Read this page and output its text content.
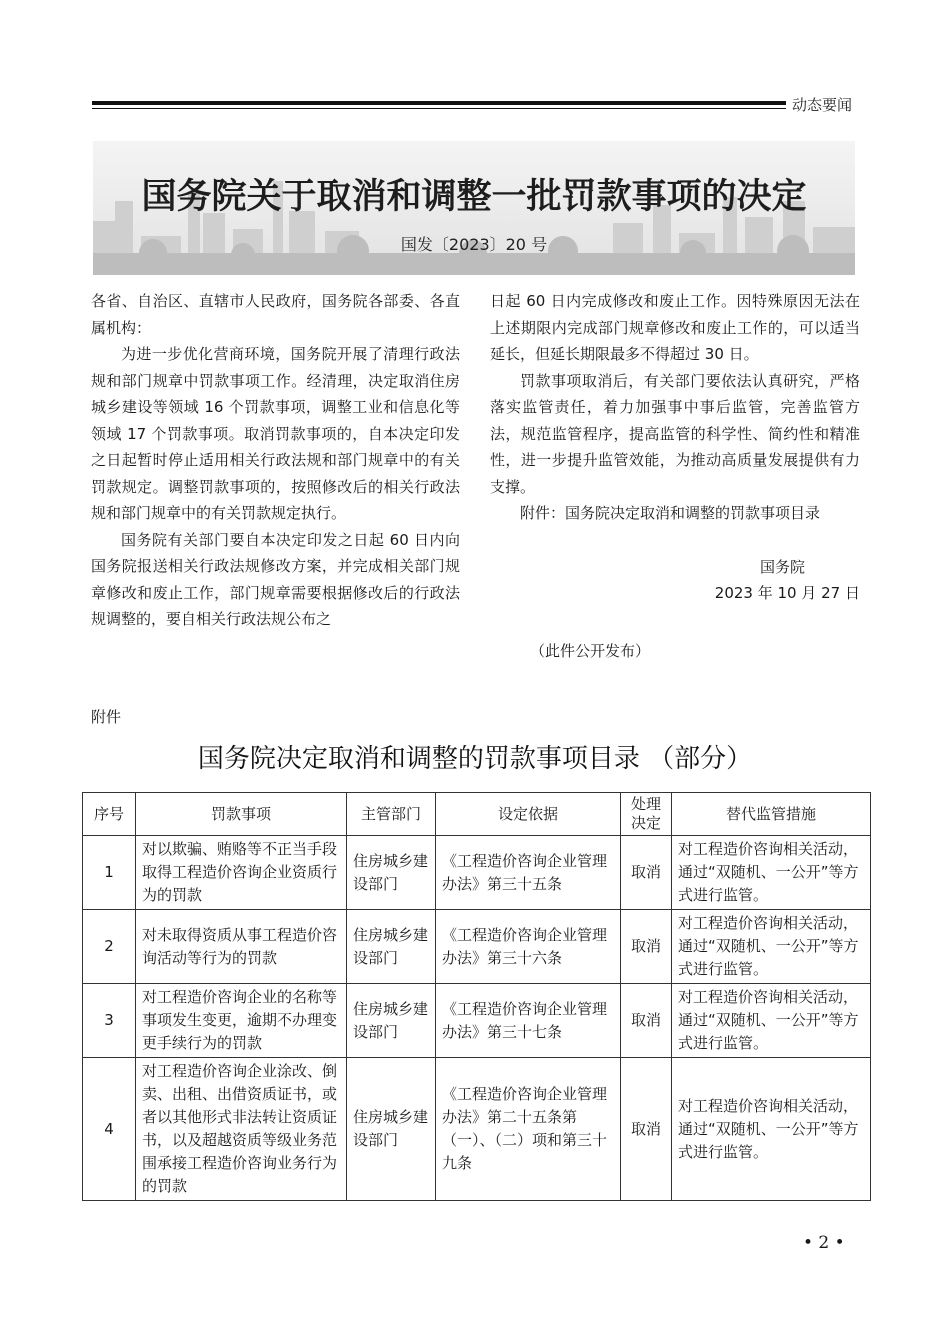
动态要闻
国务院关于取消和调整一批罚款事项的决定
国发〔2023〕20 号

各省、自治区、直辖市人民政府，国务院各部委、各直属机构：

为进一步优化营商环境，国务院开展了清理行政法规和部门规章中罚款事项工作。经清理，决定取消住房城乡建设等领域 16 个罚款事项，调整工业和信息化等领域 17 个罚款事项。取消罚款事项的，自本决定印发之日起暂时停止适用相关行政法规和部门规章中的有关罚款规定。调整罚款事项的，按照修改后的相关行政法规和部门规章中的有关罚款规定执行。

国务院有关部门要自本决定印发之日起 60 日内向国务院报送相关行政法规修改方案，并完成相关部门规章修改和废止工作，部门规章需要根据修改后的行政法规调整的，要自相关行政法规公布之

日起 60 日内完成修改和废止工作。因特殊原因无法在上述期限内完成部门规章修改和废止工作的，可以适当延长，但延长期限最多不得超过 30 日。

罚款事项取消后，有关部门要依法认真研究，严格落实监管责任，着力加强事中事后监管，完善监管方法，规范监管程序，提高监管的科学性、简约性和精准性，进一步提升监管效能，为推动高质量发展提供有力支撑。

附件：国务院决定取消和调整的罚款事项目录

国务院

2023 年 10 月 27 日

（此件公开发布）
附件
国务院决定取消和调整的罚款事项目录 （部分）
序号	罚款事项	主管部门	设定依据	处理决定	替代监管措施
1	对以欺骗、贿赂等不正当手段取得工程造价咨询企业资质行为的罚款	住房城乡建设部门	《工程造价咨询企业管理办法》第三十五条	取消	对工程造价咨询相关活动，通过“双随机、一公开”等方式进行监管。
2	对未取得资质从事工程造价咨询活动等行为的罚款	住房城乡建设部门	《工程造价咨询企业管理办法》第三十六条	取消	对工程造价咨询相关活动，通过“双随机、一公开”等方式进行监管。
3	对工程造价咨询企业的名称等事项发生变更，逾期不办理变更手续行为的罚款	住房城乡建设部门	《工程造价咨询企业管理办法》第三十七条	取消	对工程造价咨询相关活动，通过“双随机、一公开”等方式进行监管。
4	对工程造价咨询企业涂改、倒卖、出租、出借资质证书，或者以其他形式非法转让资质证书，以及超越资质等级业务范围承接工程造价咨询业务行为的罚款	住房城乡建设部门	《工程造价咨询企业管理办法》第二十五条第（一）、（二）项和第三十九条	取消	对工程造价咨询相关活动，通过“双随机、一公开”等方式进行监管。
• 2 •
